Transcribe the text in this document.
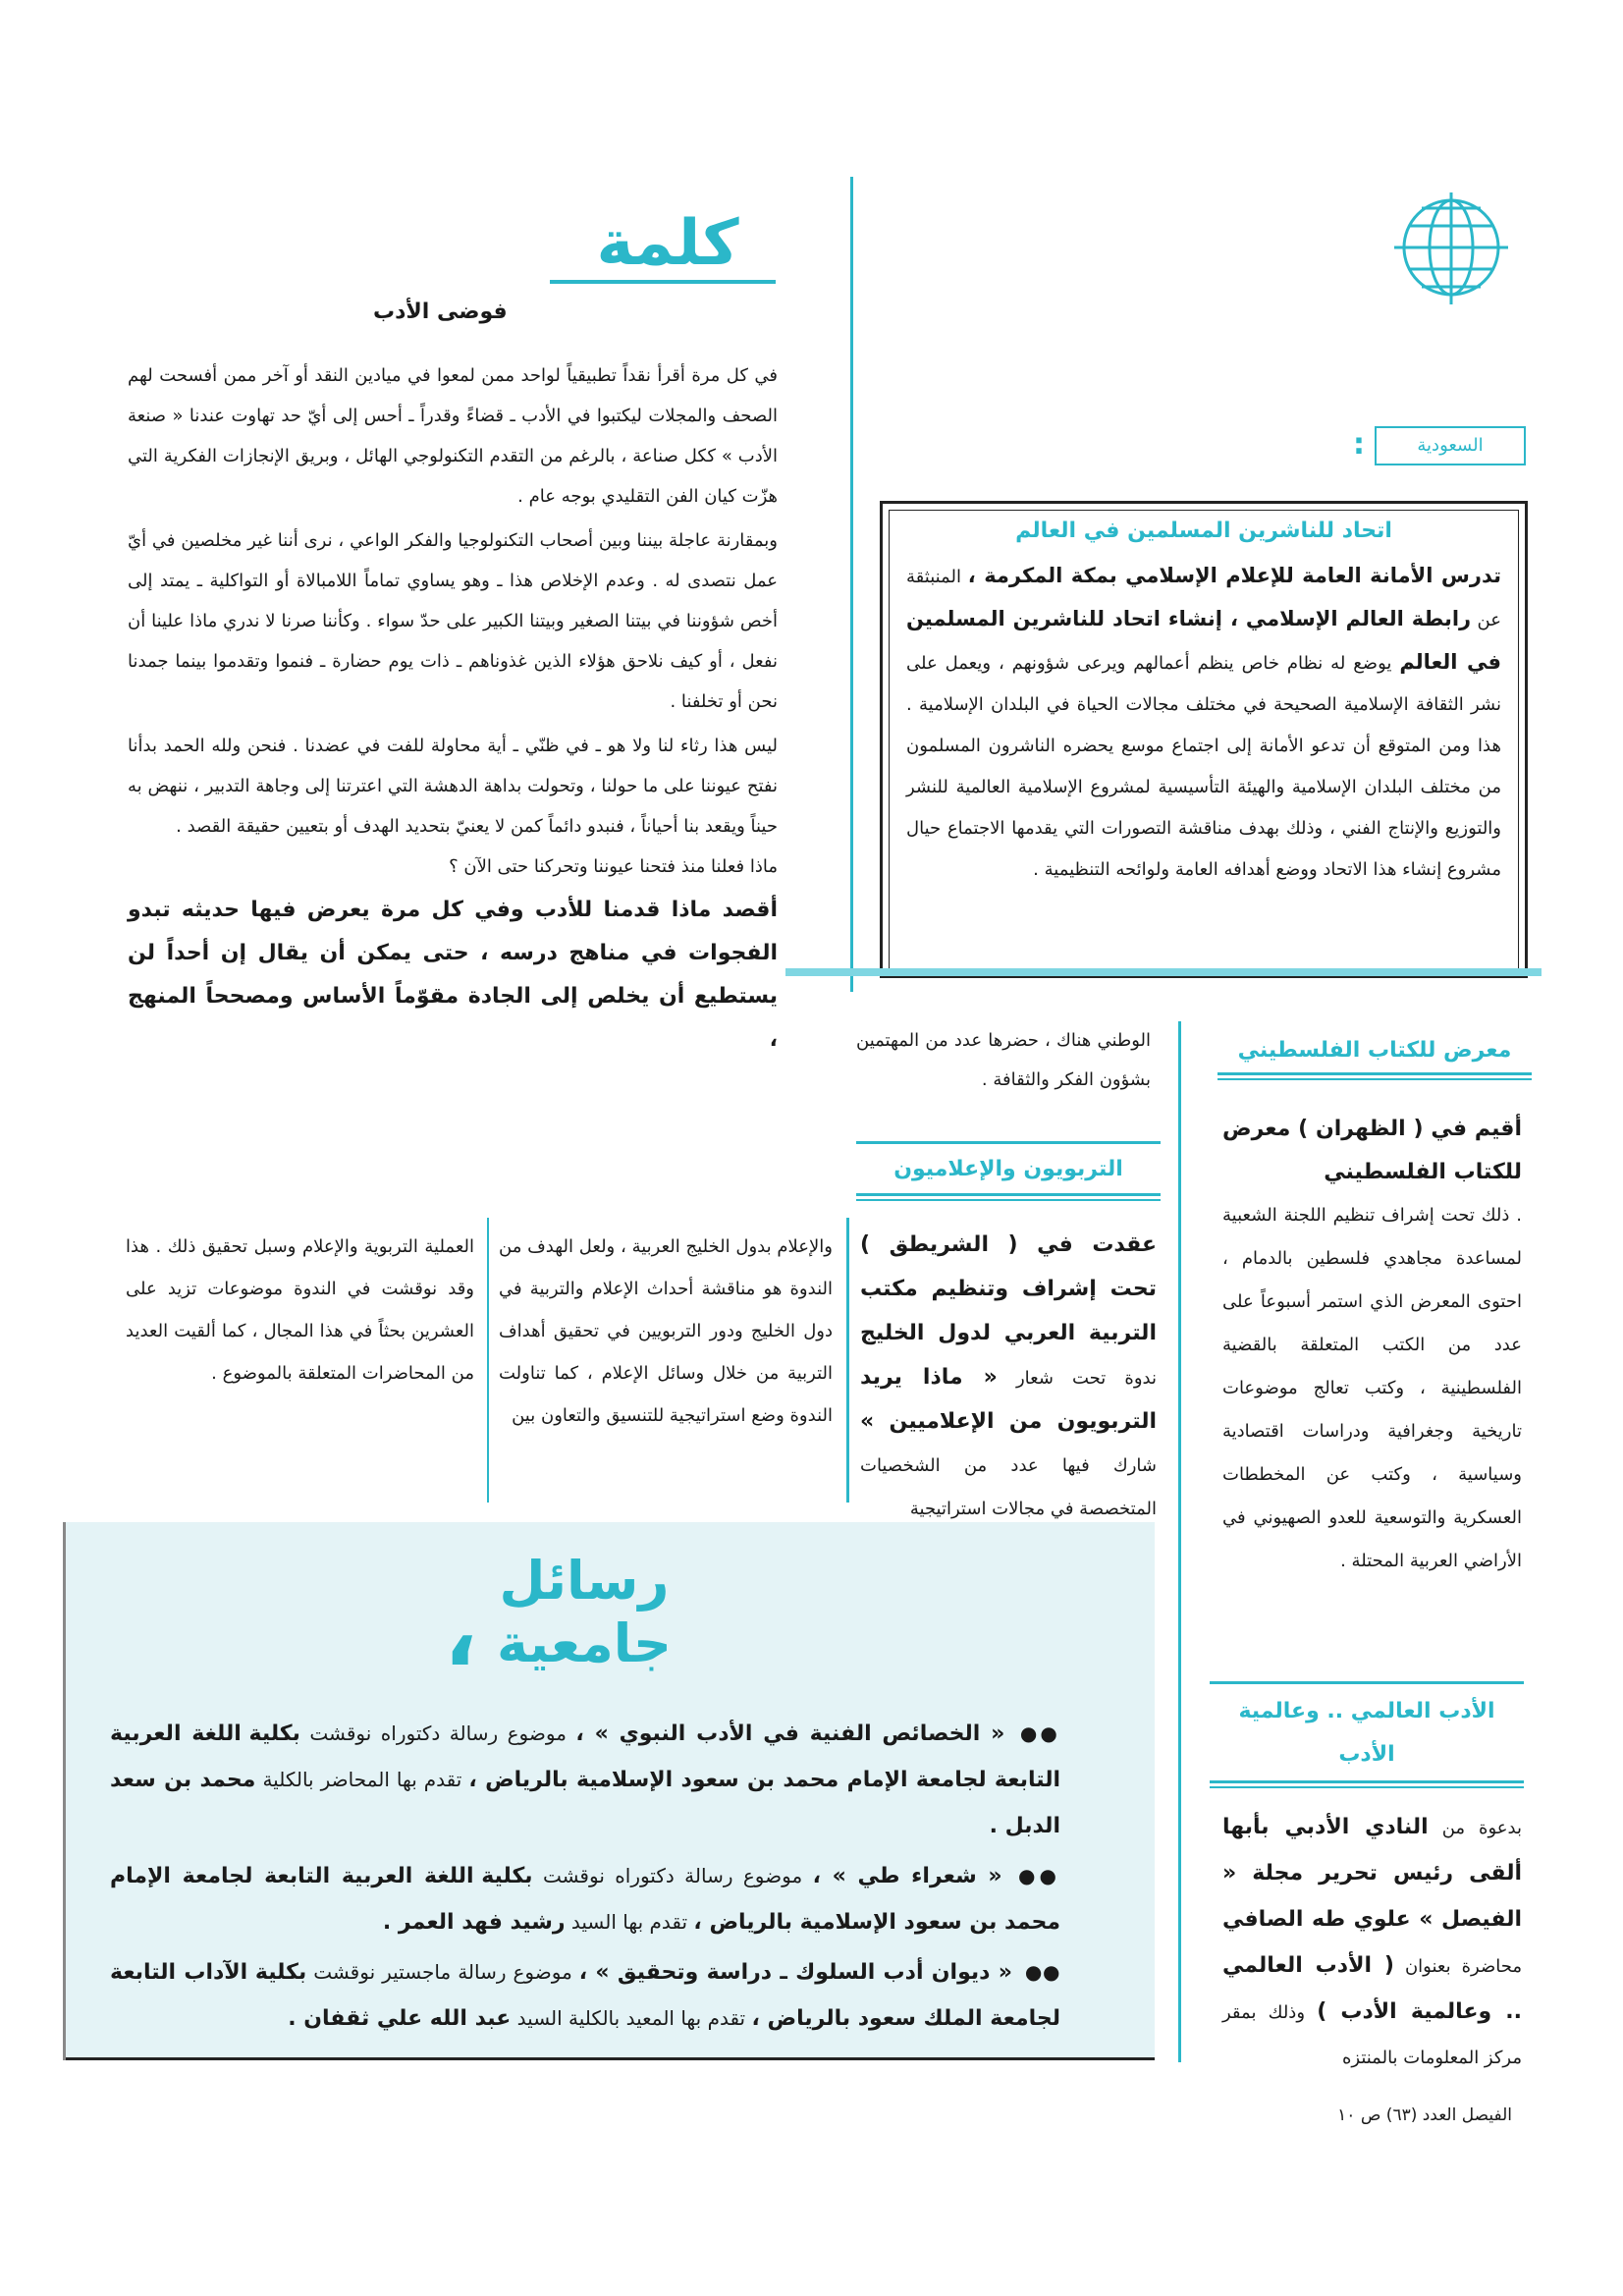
كلمة
فوضى الأدب

في كل مرة أقرأ نقداً تطبيقياً لواحد ممن لمعوا في ميادين النقد أو آخر ممن أفسحت لهم الصحف والمجلات ليكتبوا في الأدب ـ قضاءً وقدراً ـ أحس إلى أيّ حد تهاوت عندنا « صنعة الأدب » ككل صناعة ، بالرغم من التقدم التكنولوجي الهائل ، وبريق الإنجازات الفكرية التي هزّت كيان الفن التقليدي بوجه عام .

وبمقارنة عاجلة بيننا وبين أصحاب التكنولوجيا والفكر الواعي ، نرى أننا غير مخلصين في أيّ عمل نتصدى له . وعدم الإخلاص هذا ـ وهو يساوي تماماً اللامبالاة أو التواكلية ـ يمتد إلى أخص شؤوننا في بيتنا الصغير وبيتنا الكبير على حدّ سواء . وكأننا صرنا لا ندري ماذا علينا أن نفعل ، أو كيف نلاحق هؤلاء الذين غذوناهم ـ ذات يوم حضارة ـ فنموا وتقدموا بينما جمدنا نحن أو تخلفنا .

ليس هذا رثاء لنا ولا هو ـ في ظنّي ـ أية محاولة للفت في عضدنا . فنحن ولله الحمد بدأنا نفتح عيوننا على ما حولنا ، وتحولت بداهة الدهشة التي اعترتنا إلى وجاهة التدبير ، ننهض به حيناً ويقعد بنا أحياناً ، فنبدو دائماً كمن لا يعنيّ بتحديد الهدف أو بتعيين حقيقة القصد .

ماذا فعلنا منذ فتحنا عيوننا وتحركنا حتى الآن ؟

أقصد ماذا قدمنا للأدب وفي كل مرة يعرض فيها حديثه تبدو الفجوات في مناهج درسه ، حتى يمكن أن يقال إن أحداً لن يستطيع أن يخلص إلى الجادة مقوّماً الأساس ومصححاً المنهج ،

السعودية
:
اتحاد للناشرين المسلمين في العالم
تدرس الأمانة العامة للإعلام الإسلامي بمكة المكرمة ، المنبثقة عن رابطة العالم الإسلامي ، إنشاء اتحاد للناشرين المسلمين في العالم يوضع له نظام خاص ينظم أعمالهم ويرعى شؤونهم ، ويعمل على نشر الثقافة الإسلامية الصحيحة في مختلف مجالات الحياة في البلدان الإسلامية . هذا ومن المتوقع أن تدعو الأمانة إلى اجتماع موسع يحضره الناشرون المسلمون من مختلف البلدان الإسلامية والهيئة التأسيسية لمشروع الإسلامية العالمية للنشر والتوزيع والإنتاج الفني ، وذلك بهدف مناقشة التصورات التي يقدمها الاجتماع حيال مشروع إنشاء هذا الاتحاد ووضع أهدافه العامة ولوائحه التنظيمية .
معرض للكتاب الفلسطيني

أقيم في ( الظهران ) معرض للكتاب الفلسطيني

. ذلك تحت إشراف تنظيم اللجنة الشعبية لمساعدة مجاهدي فلسطين بالدمام ، احتوى المعرض الذي استمر أسبوعاً على عدد من الكتب المتعلقة بالقضية الفلسطينية ، وكتب تعالج موضوعات تاريخية وجغرافية ودراسات اقتصادية وسياسية ، وكتب عن المخططات العسكرية والتوسعية للعدو الصهيوني في الأراضي العربية المحتلة .

الأدب العالمي .. وعالمية
الأدب
بدعوة من النادي الأدبي بأبها ألقى رئيس تحرير مجلة « الفيصل » علوي طه الصافي محاضرة بعنوان ( الأدب العالمي .. وعالمية الأدب ) وذلك بمقر مركز المعلومات بالمنتزه
الوطني هناك ، حضرها عدد من المهتمين بشؤون الفكر والثقافة .
التربويون والإعلاميون
عقدت في ( الشريطق ) تحت إشراف وتنظيم مكتب التربية العربي لدول الخليج ندوة تحت شعار « ماذا يريد التربويون من الإعلاميين » شارك فيها عدد من الشخصيات المتخصصة في مجالات استراتيجية
والإعلام بدول الخليج العربية ، ولعل الهدف من الندوة هو مناقشة أحداث الإعلام والتربية في دول الخليج ودور التربويين في تحقيق أهداف التربية من خلال وسائل الإعلام ، كما تناولت الندوة وضع استراتيجية للتنسيق والتعاون بين
العملية التربوية والإعلام وسبل تحقيق ذلك . هذا وقد نوقشت في الندوة موضوعات تزيد على العشرين بحثاً في هذا المجال ، كما ألقيت العديد من المحاضرات المتعلقة بالموضوع .
رسائل
جامعية
،
●● « الخصائص الفنية في الأدب النبوي » ، موضوع رسالة دكتوراه نوقشت بكلية اللغة العربية التابعة لجامعة الإمام محمد بن سعود الإسلامية بالرياض ، تقدم بها المحاضر بالكلية محمد بن سعد الدبل .
●● « شعراء طي » ، موضوع رسالة دكتوراه نوقشت بكلية اللغة العربية التابعة لجامعة الإمام محمد بن سعود الإسلامية بالرياض ، تقدم بها السيد رشيد فهد العمر .
●● « ديوان أدب السلوك ـ دراسة وتحقيق » ، موضوع رسالة ماجستير نوقشت بكلية الآداب التابعة لجامعة الملك سعود بالرياض ، تقدم بها المعيد بالكلية السيد عبد الله علي ثقفان .
الفيصل العدد (٦٣) ص ١٠
